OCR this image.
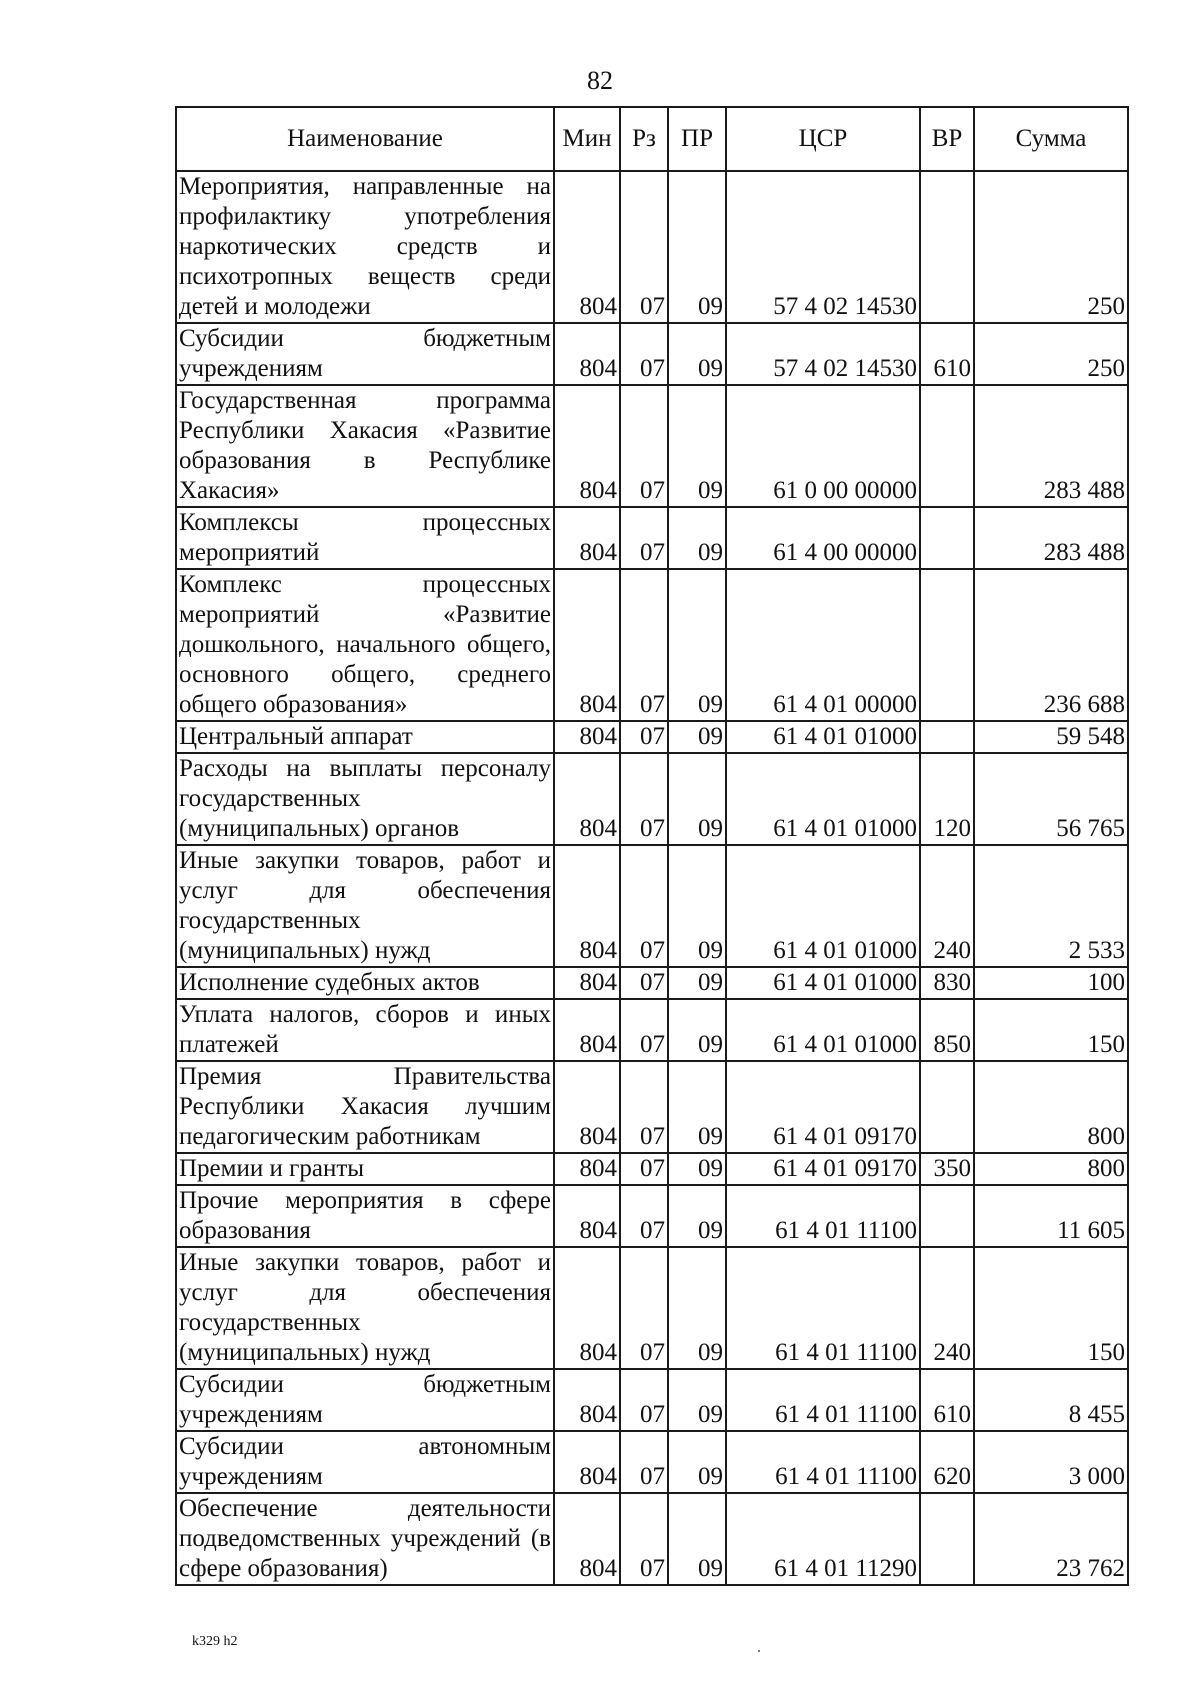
82
Наименование	Мин	Рз	ПР	ЦСР	ВР	Сумма
Мероприятия, направленные на профилактику употребления наркотических средств и психотропных веществ среди детей и молодежи	804	07	09	57 4 02 14530		250
Субсидии бюджетным учреждениям	804	07	09	57 4 02 14530	610	250
Государственная программа Республики Хакасия «Развитие образования в Республике Хакасия»	804	07	09	61 0 00 00000		283 488
Комплексы процессных мероприятий	804	07	09	61 4 00 00000		283 488
Комплекс процессных мероприятий «Развитие дошкольного, начального общего, основного общего, среднего общего образования»	804	07	09	61 4 01 00000		236 688
Центральный аппарат	804	07	09	61 4 01 01000		59 548
Расходы на выплаты персоналу государственных (муниципальных) органов	804	07	09	61 4 01 01000	120	56 765
Иные закупки товаров, работ и услуг для обеспечения государственных (муниципальных) нужд	804	07	09	61 4 01 01000	240	2 533
Исполнение судебных актов	804	07	09	61 4 01 01000	830	100
Уплата налогов, сборов и иных платежей	804	07	09	61 4 01 01000	850	150
Премия Правительства Республики Хакасия лучшим педагогическим работникам	804	07	09	61 4 01 09170		800
Премии и гранты	804	07	09	61 4 01 09170	350	800
Прочие мероприятия в сфере образования	804	07	09	61 4 01 11100		11 605
Иные закупки товаров, работ и услуг для обеспечения государственных (муниципальных) нужд	804	07	09	61 4 01 11100	240	150
Субсидии бюджетным учреждениям	804	07	09	61 4 01 11100	610	8 455
Субсидии автономным учреждениям	804	07	09	61 4 01 11100	620	3 000
Обеспечение деятельности подведомственных учреждений (в сфере образования)	804	07	09	61 4 01 11290		23 762
k329 h2
